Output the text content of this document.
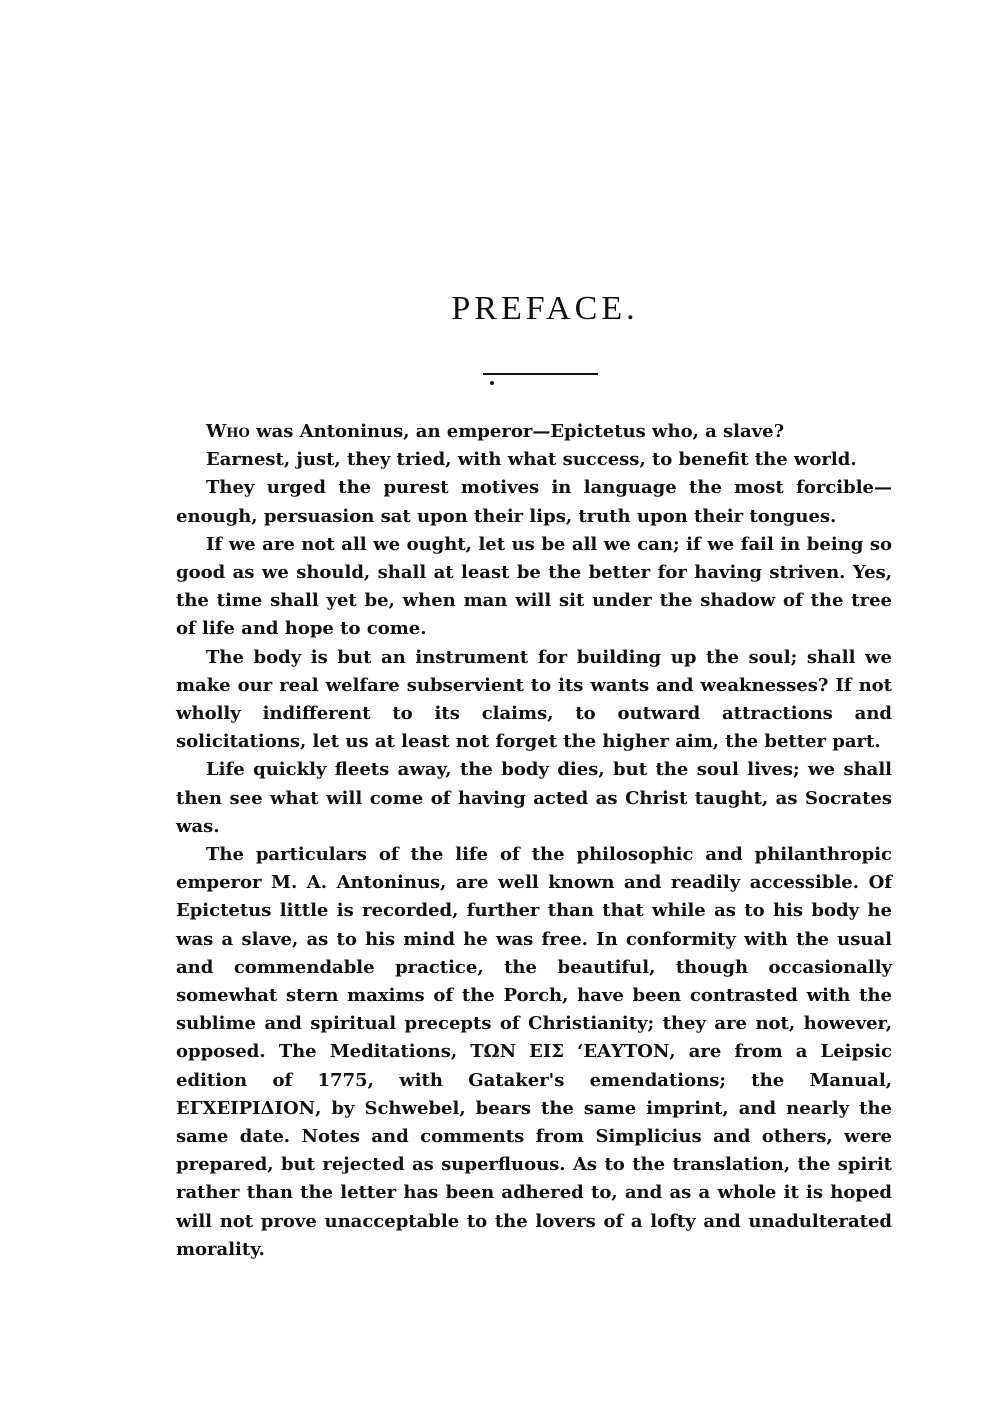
PREFACE.

Who was Antoninus, an emperor—Epictetus who, a slave?

Earnest, just, they tried, with what success, to benefit the world.

They urged the purest motives in language the most forcible—enough, persuasion sat upon their lips, truth upon their tongues.

If we are not all we ought, let us be all we can; if we fail in being so good as we should, shall at least be the better for having striven. Yes, the time shall yet be, when man will sit under the shadow of the tree of life and hope to come.

The body is but an instrument for building up the soul; shall we make our real welfare subservient to its wants and weaknesses? If not wholly indifferent to its claims, to outward attractions and solicitations, let us at least not forget the higher aim, the better part.

Life quickly fleets away, the body dies, but the soul lives; we shall then see what will come of having acted as Christ taught, as Socrates was.

The particulars of the life of the philosophic and philanthropic emperor M. A. Antoninus, are well known and readily accessible. Of Epictetus little is recorded, further than that while as to his body he was a slave, as to his mind he was free. In conformity with the usual and commendable practice, the beautiful, though occasionally somewhat stern maxims of the Porch, have been contrasted with the sublime and spiritual precepts of Christianity; they are not, however, opposed. The Meditations, ΤΩΝ ΕΙΣ ‘ΕΑΥΤΟΝ, are from a Leipsic edition of 1775, with Gataker's emendations; the Manual, ΕΓΧΕΙΡΙΔΙΟΝ, by Schwebel, bears the same imprint, and nearly the same date. Notes and comments from Simplicius and others, were prepared, but rejected as superfluous. As to the translation, the spirit rather than the letter has been adhered to, and as a whole it is hoped will not prove unacceptable to the lovers of a lofty and unadulterated morality.
